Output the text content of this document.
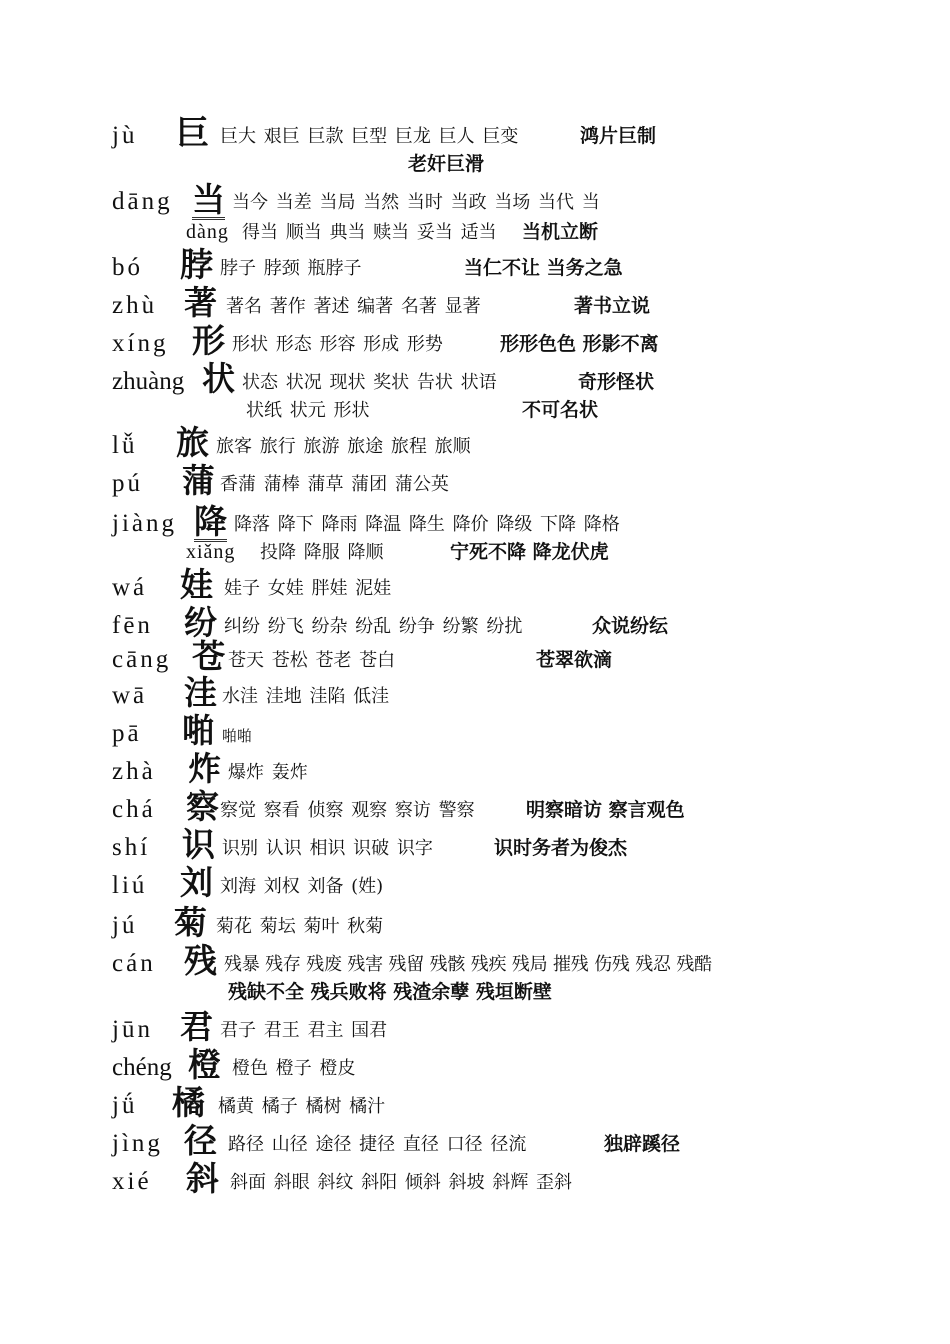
jù 巨 巨大 艰巨 巨款 巨型 巨龙 巨人 巨变	鸿片巨制
老奸巨滑
dāng 当 当今 当差 当局 当然 当时 当政 当场 当代 当
dàng 得当 顺当 典当 赎当 妥当 适当 当机立断
bó 脖 脖子 脖颈 瓶脖子	当仁不让 当务之急
zhù 著 著名 著作 著述 编著 名著 显著	著书立说
xíng 形 形状 形态 形容 形成 形势	形形色色 形影不离
zhuàng 状 状态 状况 现状 奖状 告状 状语	奇形怪状
状纸 状元 形状	不可名状
lǚ 旅 旅客 旅行 旅游 旅途 旅程 旅顺
pú 蒲 香蒲 蒲棒 蒲草 蒲团 蒲公英
jiàng 降 降落 降下 降雨 降温 降生 降价 降级 下降 降格
xiǎng 投降 降服 降顺	宁死不降 降龙伏虎
wá 娃 娃子 女娃 胖娃 泥娃
fēn 纷 纠纷 纷飞 纷杂 纷乱 纷争 纷繁 纷扰	众说纷纭
cāng 苍 苍天 苍松 苍老 苍白	苍翠欲滴
wā 洼 水洼 洼地 洼陷 低洼
pā 啪 啪啪
zhà 炸 爆炸 轰炸
chá 察 察觉 察看 侦察 观察 察访 警察	明察暗访 察言观色
shí 识 识别 认识 相识 识破 识字	识时务者为俊杰
liú 刘 刘海 刘权 刘备 (姓)
jú 菊 菊花 菊坛 菊叶 秋菊
cán 残 残暴 残存 残废 残害 残留 残骸 残疾 残局 摧残 伤残 残忍 残酷
残缺不全 残兵败将 残渣余孽 残垣断壁
jūn 君 君子 君王 君主 国君
chéng 橙 橙色 橙子 橙皮
jǘ 橘 橘黄 橘子 橘树 橘汁
jìng 径 路径 山径 途径 捷径 直径 口径 径流	独辟蹊径
xié 斜 斜面 斜眼 斜纹 斜阳 倾斜 斜坡 斜辉 歪斜
